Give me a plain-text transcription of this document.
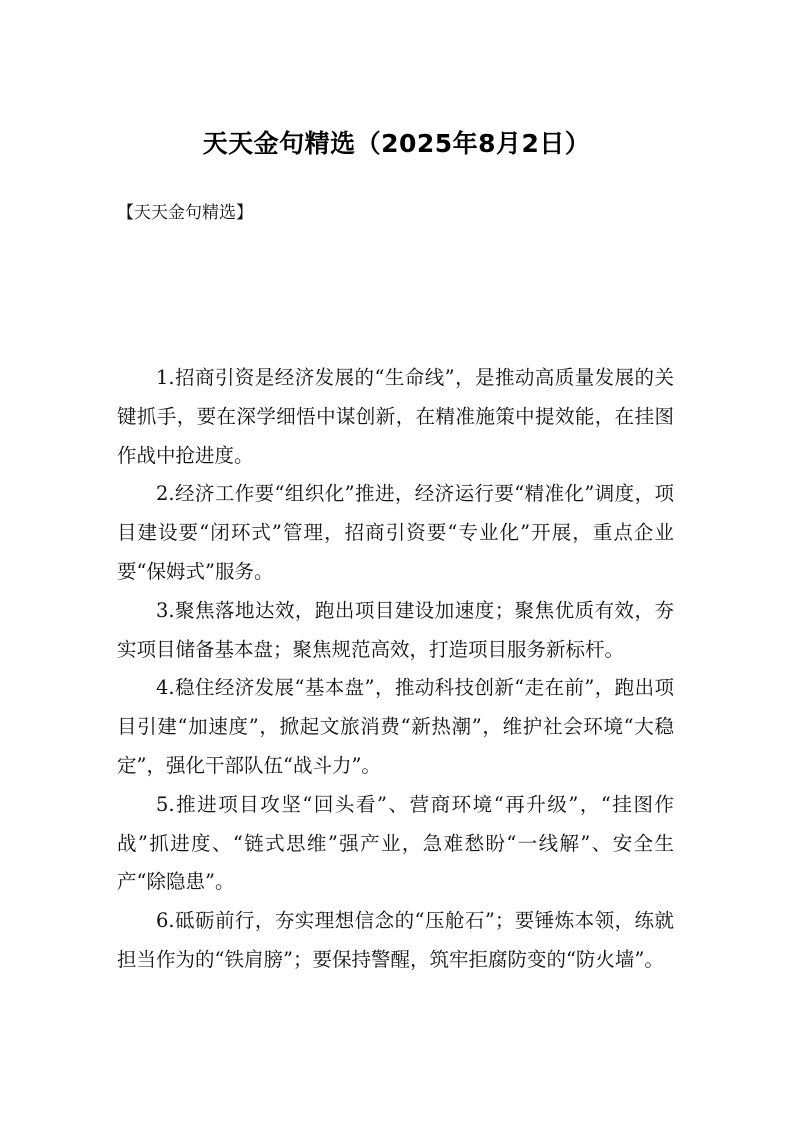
天天金句精选（2025年8月2日）
【天天金句精选】

1.招商引资是经济发展的“生命线”，是推动高质量发展的关键抓手，要在深学细悟中谋创新，在精准施策中提效能，在挂图作战中抢进度。

2.经济工作要“组织化”推进，经济运行要“精准化”调度，项目建设要“闭环式”管理，招商引资要“专业化”开展，重点企业要“保姆式”服务。

3.聚焦落地达效，跑出项目建设加速度；聚焦优质有效，夯实项目储备基本盘；聚焦规范高效，打造项目服务新标杆。

4.稳住经济发展“基本盘”，推动科技创新“走在前”，跑出项目引建“加速度”，掀起文旅消费“新热潮”，维护社会环境“大稳定”，强化干部队伍“战斗力”。

5.推进项目攻坚“回头看”、营商环境“再升级”，“挂图作战”抓进度、“链式思维”强产业，急难愁盼“一线解”、安全生产“除隐患”。

6.砥砺前行，夯实理想信念的“压舱石”；要锤炼本领，练就担当作为的“铁肩膀”；要保持警醒，筑牢拒腐防变的“防火墙”。
